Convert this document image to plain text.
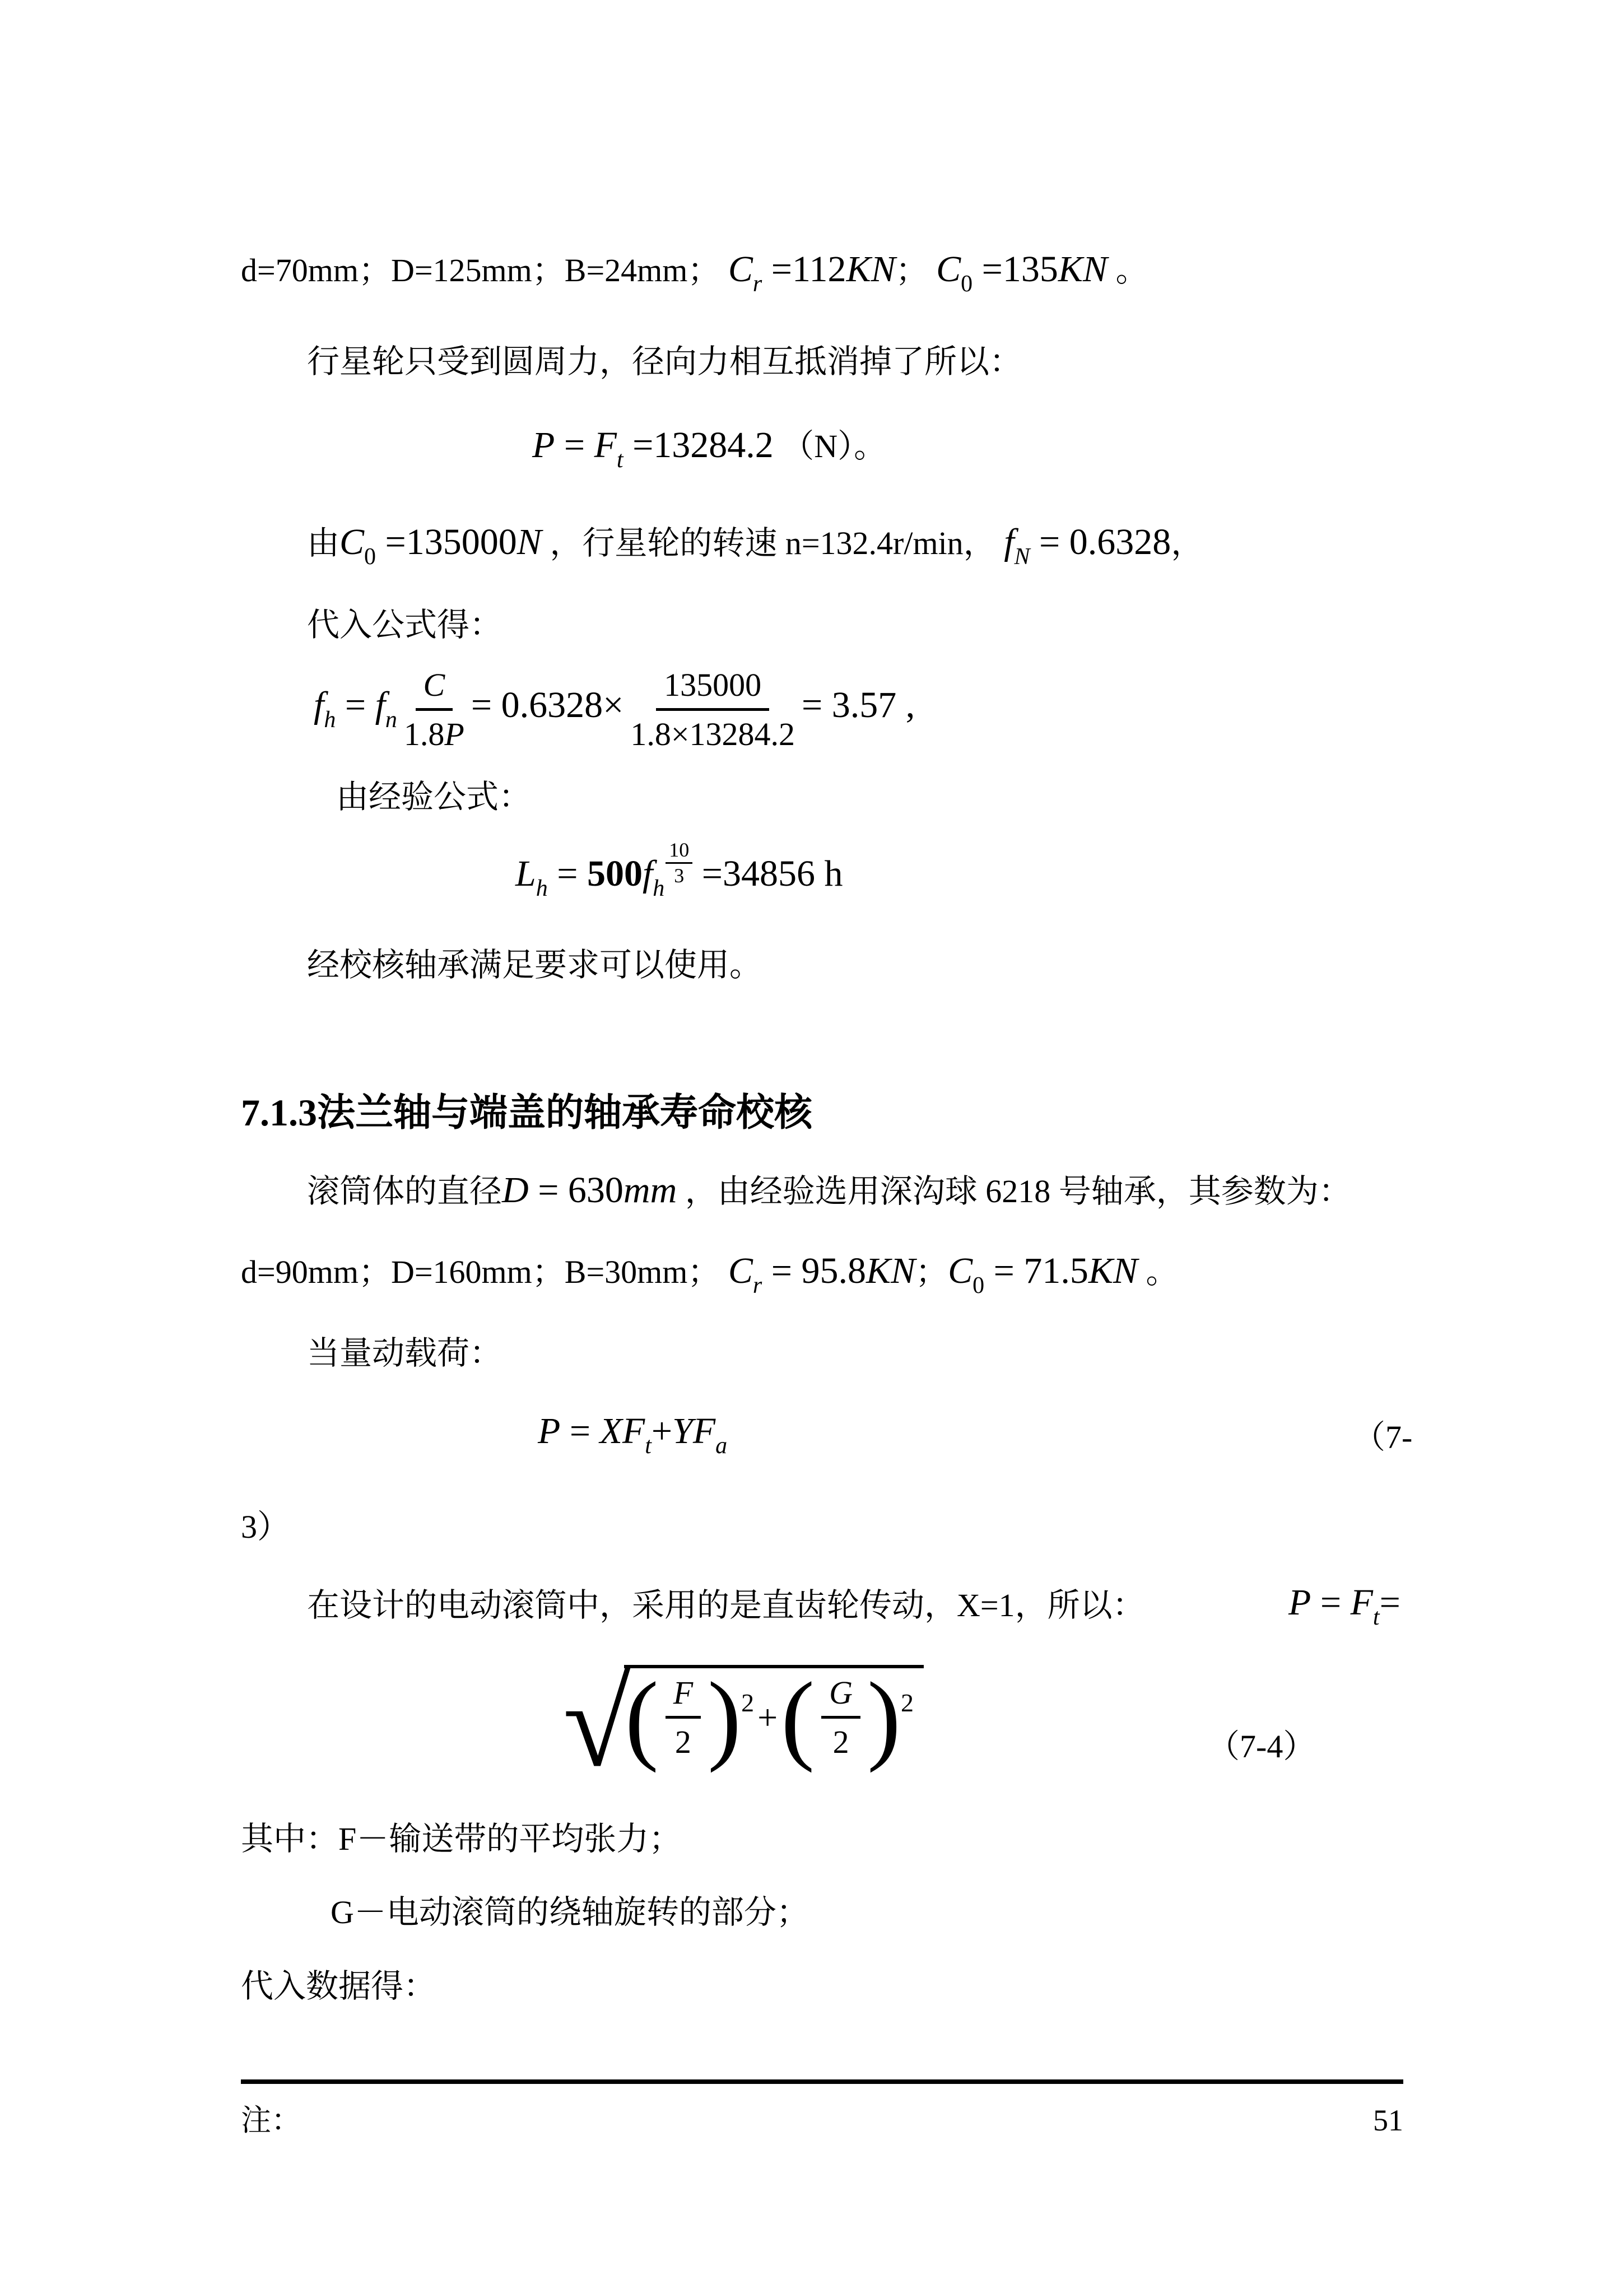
d=70mm；D=125mm；B=24mm； $C_r =112KN$； $C_0 =135KN$ 。
行星轮只受到圆周力，径向力相互抵消掉了所以：
$P = F_t =13284.2$ （N）。
由$C_0 =135000N$ ，行星轮的转速 n=132.4r/min， $f_N = 0.6328$，
代入公式得：
$f_h = f_n \frac{C}{1.8P} = 0.6328\times \frac{135000}{1.8\times 13284.2} = 3.57$ ,
由经验公式：
$L_h = 500f_h$
$\frac{10}{3} =34856$ h
经校核轴承满足要求可以使用。
7.1.3法兰轴与端盖的轴承寿命校核
滚筒体的直径D = 630mm ，由经验选用深沟球 6218 号轴承，其参数为：
d=90mm；D=160mm；B=30mm； $C_r = 95.8KN$；$C_0 = 71.5KN$ 。
当量动载荷：
$P = XF_t+YF_a$	（7-
3）
在设计的电动滚筒中，采用的是直齿轮传动，X=1，所以：	$P = F_t=$
√
( $\frac{F}{2}$ ) 2 + ( $\frac{G}{2}$ ) 2
（7-4）
其中：F－输送带的平均张力；
G－电动滚筒的绕轴旋转的部分；
代入数据得：
注：	51
